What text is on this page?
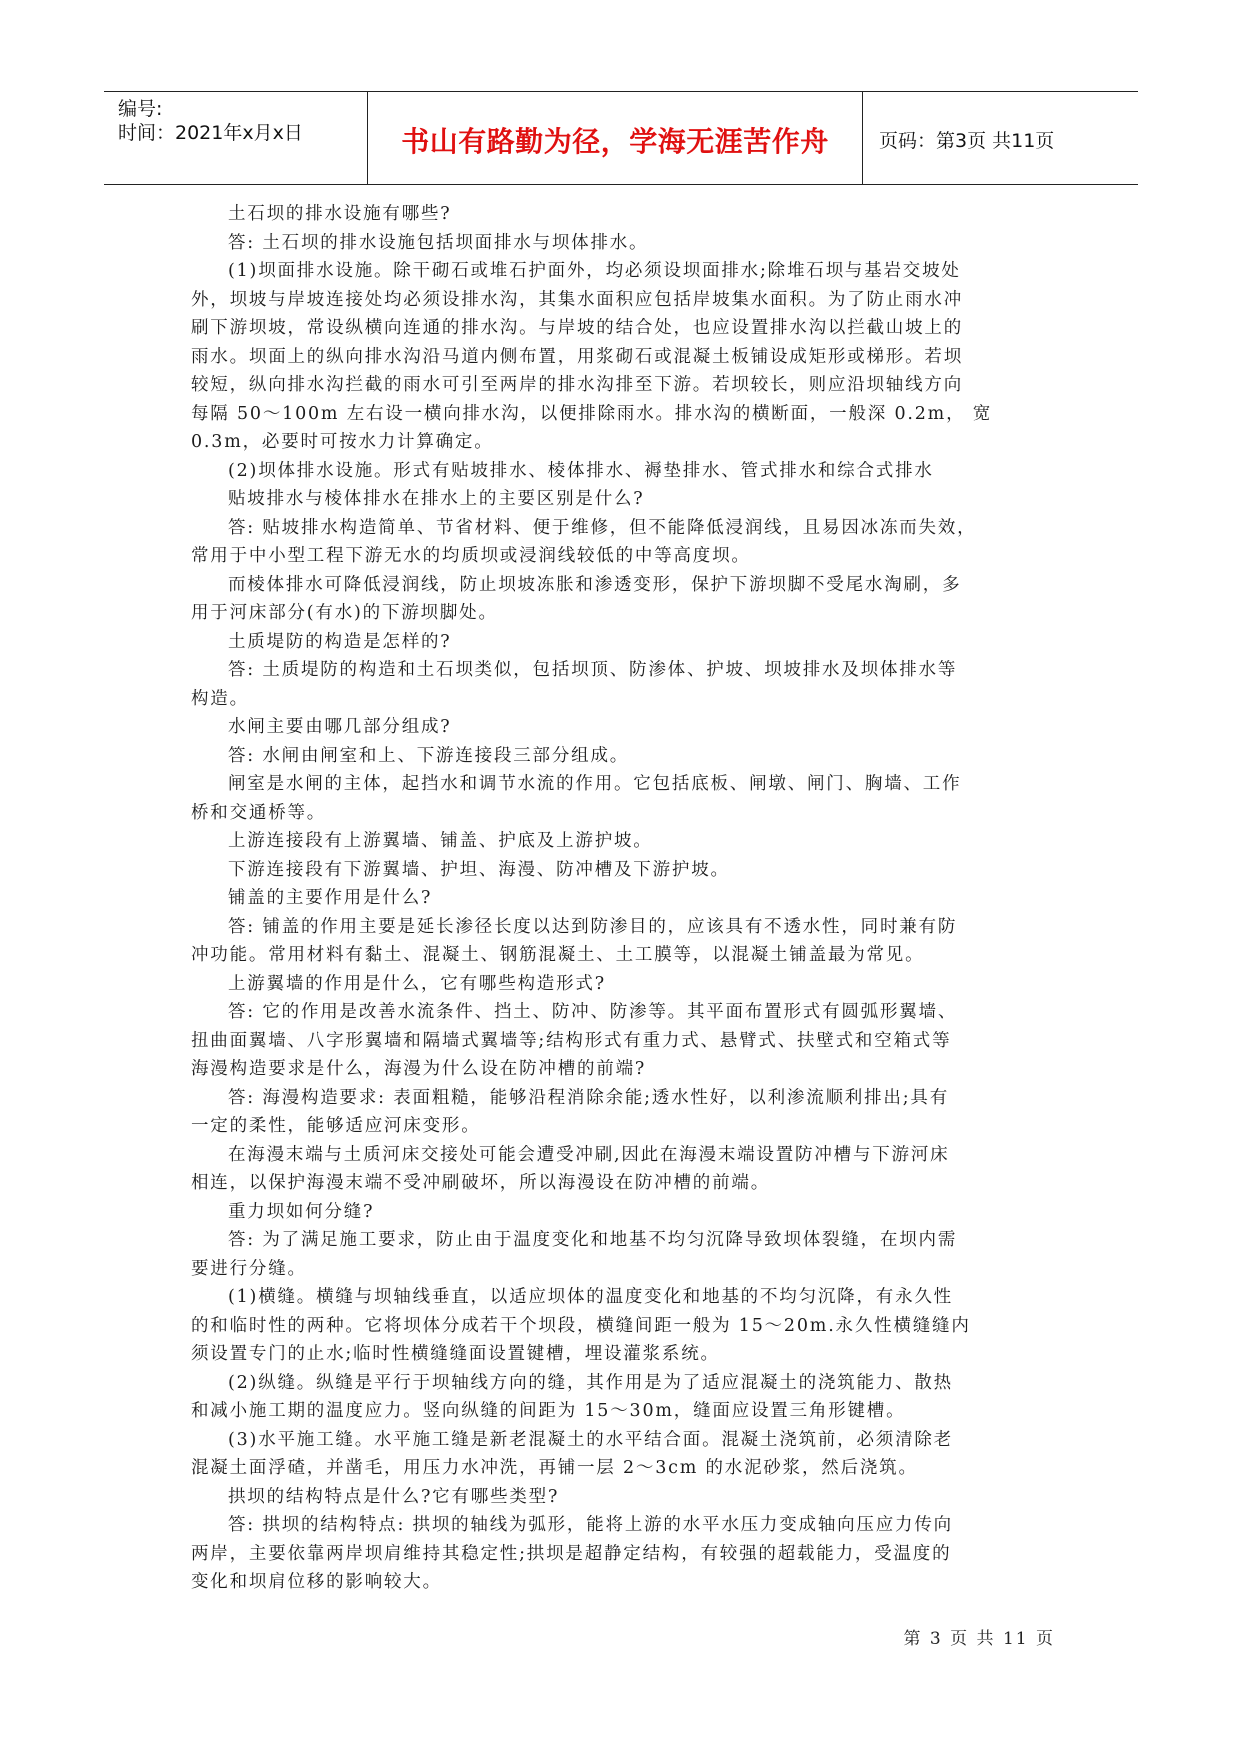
编号:
时间：2021年x月x日	书山有路勤为径，学海无涯苦作舟	页码：第3页 共11页
土石坝的排水设施有哪些?
答: 土石坝的排水设施包括坝面排水与坝体排水。
(1)坝面排水设施。除干砌石或堆石护面外，均必须设坝面排水;除堆石坝与基岩交坡处
外，坝坡与岸坡连接处均必须设排水沟，其集水面积应包括岸坡集水面积。为了防止雨水冲
刷下游坝坡，常设纵横向连通的排水沟。与岸坡的结合处，也应设置排水沟以拦截山坡上的
雨水。坝面上的纵向排水沟沿马道内侧布置，用浆砌石或混凝土板铺设成矩形或梯形。若坝
较短，纵向排水沟拦截的雨水可引至两岸的排水沟排至下游。若坝较长，则应沿坝轴线方向
每隔 50～100m 左右设一横向排水沟，以便排除雨水。排水沟的横断面，一般深 0.2m， 宽
0.3m，必要时可按水力计算确定。
(2)坝体排水设施。形式有贴坡排水、棱体排水、褥垫排水、管式排水和综合式排水
贴坡排水与棱体排水在排水上的主要区别是什么?
答: 贴坡排水构造简单、节省材料、便于维修，但不能降低浸润线，且易因冰冻而失效，
常用于中小型工程下游无水的均质坝或浸润线较低的中等高度坝。
而棱体排水可降低浸润线，防止坝坡冻胀和渗透变形，保护下游坝脚不受尾水淘刷，多
用于河床部分(有水)的下游坝脚处。
土质堤防的构造是怎样的?
答: 土质堤防的构造和土石坝类似，包括坝顶、防渗体、护坡、坝坡排水及坝体排水等
构造。
水闸主要由哪几部分组成?
答: 水闸由闸室和上、下游连接段三部分组成。
闸室是水闸的主体，起挡水和调节水流的作用。它包括底板、闸墩、闸门、胸墙、工作
桥和交通桥等。
上游连接段有上游翼墙、铺盖、护底及上游护坡。
下游连接段有下游翼墙、护坦、海漫、防冲槽及下游护坡。
铺盖的主要作用是什么?
答: 铺盖的作用主要是延长渗径长度以达到防渗目的，应该具有不透水性，同时兼有防
冲功能。常用材料有黏土、混凝土、钢筋混凝土、土工膜等，以混凝土铺盖最为常见。
上游翼墙的作用是什么，它有哪些构造形式?
答: 它的作用是改善水流条件、挡土、防冲、防渗等。其平面布置形式有圆弧形翼墙、
扭曲面翼墙、八字形翼墙和隔墙式翼墙等;结构形式有重力式、悬臂式、扶壁式和空箱式等
海漫构造要求是什么，海漫为什么设在防冲槽的前端?
答: 海漫构造要求: 表面粗糙，能够沿程消除余能;透水性好，以利渗流顺利排出;具有
一定的柔性，能够适应河床变形。
在海漫末端与土质河床交接处可能会遭受冲刷,因此在海漫末端设置防冲槽与下游河床
相连，以保护海漫末端不受冲刷破坏，所以海漫设在防冲槽的前端。
重力坝如何分缝?
答: 为了满足施工要求，防止由于温度变化和地基不均匀沉降导致坝体裂缝，在坝内需
要进行分缝。
(1)横缝。横缝与坝轴线垂直，以适应坝体的温度变化和地基的不均匀沉降，有永久性
的和临时性的两种。它将坝体分成若干个坝段，横缝间距一般为 15～20m.永久性横缝缝内
须设置专门的止水;临时性横缝缝面设置键槽，埋设灌浆系统。
(2)纵缝。纵缝是平行于坝轴线方向的缝，其作用是为了适应混凝土的浇筑能力、散热
和减小施工期的温度应力。竖向纵缝的间距为 15～30m，缝面应设置三角形键槽。
(3)水平施工缝。水平施工缝是新老混凝土的水平结合面。混凝土浇筑前，必须清除老
混凝土面浮碴，并凿毛，用压力水冲洗，再铺一层 2～3cm 的水泥砂浆，然后浇筑。
拱坝的结构特点是什么?它有哪些类型?
答: 拱坝的结构特点: 拱坝的轴线为弧形，能将上游的水平水压力变成轴向压应力传向
两岸，主要依靠两岸坝肩维持其稳定性;拱坝是超静定结构，有较强的超载能力，受温度的
变化和坝肩位移的影响较大。
第 3 页 共 11 页
